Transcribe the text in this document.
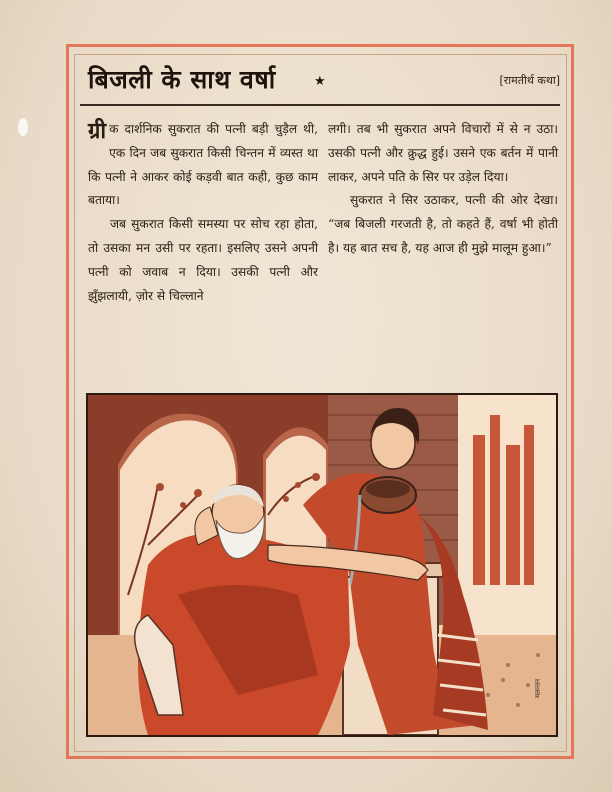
बिजली के साथ वर्षा	★	[रामतीर्थ कथा]

ग्री क दार्शनिक सुकरात की पत्नी बड़ी चुड़ैल थी, एक दिन जब सुकरात किसी चिन्तन में व्यस्त था कि पत्नी ने आकर कोई कड़वी बात कही, कुछ काम बताया।

जब सुकरात किसी समस्या पर सोच रहा होता, तो उसका मन उसी पर रहता। इसलिए उसने अपनी पत्नी को जवाब न दिया। उसकी पत्नी और झुँझलायी, ज़ोर से चिल्लाने

लगी। तब भी सुकरात अपने विचारों में से न उठा। उसकी पत्नी और क्रुद्ध हुई। उसने एक बर्तन में पानी लाकर, अपने पति के सिर पर उड़ेल दिया।

सुकरात ने सिर उठाकर, पत्नी की ओर देखा। “जब बिजली गरजती है, तो कहते हैं, वर्षा भी होती है। यह बात सच है, यह आज ही मुझे मालूम हुआ।”

मलन्तन
